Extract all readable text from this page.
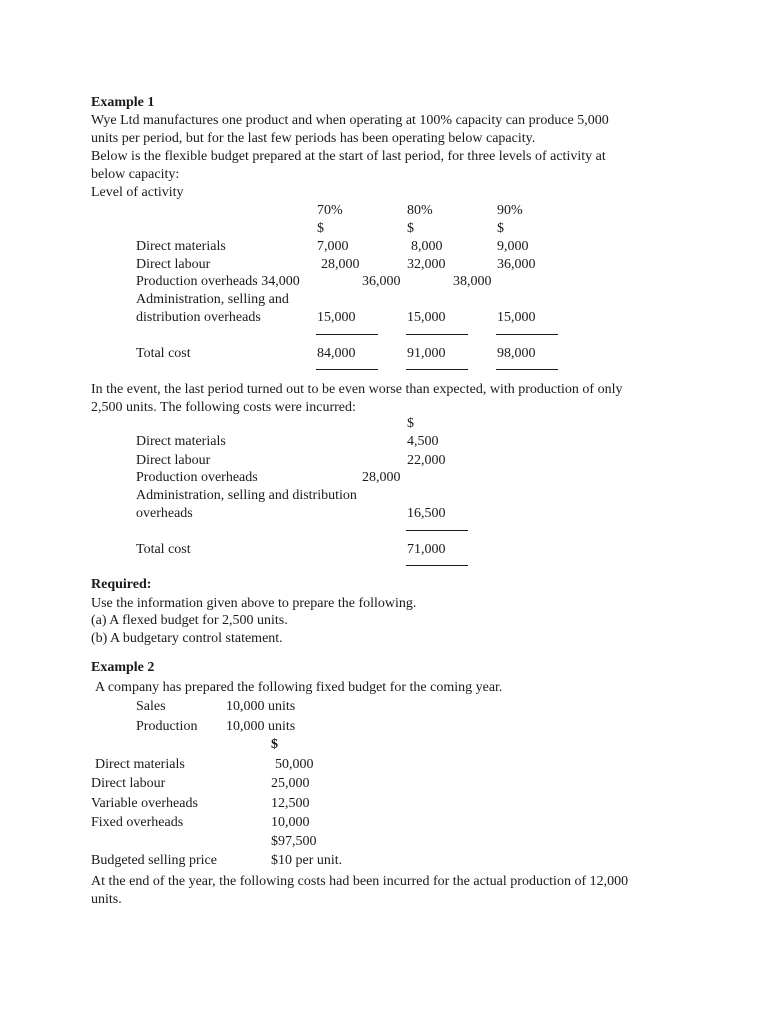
Example 1
Wye Ltd manufactures one product and when operating at 100% capacity can produce 5,000
units per period, but for the last few periods has been operating below capacity.
Below is the flexible budget prepared at the start of last period, for three levels of activity at
below capacity:
Level of activity
70%	80%	90%
$	$	$
Direct materials	7,000	8,000	9,000
Direct labour	28,000	32,000	36,000
Production overheads 34,000	36,000	38,000
Administration, selling and
distribution overheads	15,000	15,000	15,000
Total cost	84,000	91,000	98,000
In the event, the last period turned out to be even worse than expected, with production of only
2,500 units. The following costs were incurred:
$
Direct materials	4,500
Direct labour	22,000
Production overheads	28,000
Administration, selling and distribution
overheads	16,500
Total cost	71,000
Required:
Use the information given above to prepare the following.
(a) A flexed budget for 2,500 units.
(b) A budgetary control statement.
Example 2
A company has prepared the following fixed budget for the coming year.
Sales	10,000 units
Production 10,000 units
$
Direct materials	50,000
Direct labour	25,000
Variable overheads	12,500
Fixed overheads	10,000
$97,500
Budgeted selling price	$10 per unit.
At the end of the year, the following costs had been incurred for the actual production of 12,000
units.
